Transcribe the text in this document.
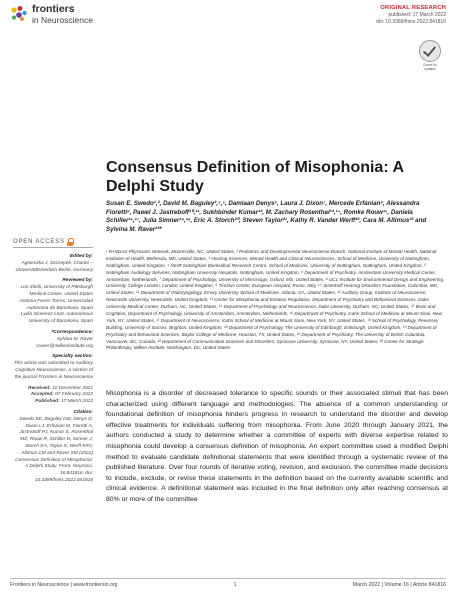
frontiers
in Neuroscience
ORIGINAL RESEARCH
published: 17 March 2022
doi: 10.3389/fnins.2022.841816
Check for updates
Consensus Definition of Misophonia: A Delphi Study
Susan E. Swedo¹,², David M. Baguley³,⁴,⁵, Damiaan Denys⁶, Laura J. Dixon⁷, Mercede Erfanian⁸, Alessandra Fioretti⁹, Pawel J. Jastreboff¹⁰,¹¹, Sukhbinder Kumar¹², M. Zachary Rosenthal¹³,¹⁴, Romke Rouw¹⁵, Daniela Schiller¹⁶,¹⁷, Julia Simner¹⁸,¹⁹, Eric A. Storch²⁰, Steven Taylor²¹, Kathy R. Vander Werff²², Cara M. Altimus²³ and Sylvina M. Raver²³*
¹ PANDAS Physicians Network, Mooresville, NC, United States, ² Pediatrics and Developmental Neuroscience Branch, National Institute of Mental Health, National Institutes of Health, Bethesda, MD, United States, ³ Hearing Sciences, Mental Health and Clinical Neurosciences, School of Medicine, University of Nottingham, Nottingham, United Kingdom, ⁴ NIHR Nottingham Biomedical Research Centre, School of Medicine, University of Nottingham, Nottingham, United Kingdom, ⁵ Nottingham Audiology Services, Nottingham University Hospitals, Nottingham, United Kingdom, ⁶ Department of Psychiatry, Amsterdam University Medical Center, Amsterdam, Netherlands, ⁷ Department of Psychology, University of Mississippi, Oxford, MS, United States, ⁸ UCL Institute for Environmental Design and Engineering, University College London, London, United Kingdom, ⁹ Tinnitus Center, European Hospital, Rome, Italy, ¹⁰ Jastreboff Hearing Disorders Foundation, Columbia, MD, United States, ¹¹ Department of Otolaryngology, Emory University School of Medicine, Atlanta, GA, United States, ¹² Auditory Group, Institute of Neuroscience, Newcastle University, Newcastle, United Kingdom, ¹³ Center for Misophonia and Emotion Regulation, Department of Psychiatry and Behavioral Sciences, Duke University Medical Center, Durham, NC, United States, ¹⁴ Department of Psychology and Neuroscience, Duke University, Durham, NC, United States, ¹⁵ Brain and Cognition, Department of Psychology, University of Amsterdam, Amsterdam, Netherlands, ¹⁶ Department of Psychiatry, Icahn School of Medicine at Mount Sinai, New York, NY, United States, ¹⁷ Department of Neuroscience, Icahn School of Medicine at Mount Sinai, New York, NY, United States, ¹⁸ School of Psychology, Pevensey Building, University of Sussex, Brighton, United Kingdom, ¹⁹ Department of Psychology, The University of Edinburgh, Edinburgh, United Kingdom, ²⁰ Department of Psychiatry and Behavioral Sciences, Baylor College of Medicine, Houston, TX, United States, ²¹ Department of Psychiatry, The University of British Columbia, Vancouver, BC, Canada, ²² Department of Communication Sciences and Disorders, Syracuse University, Syracuse, NY, United States, ²³ Center for Strategic Philanthropy, Milken Institute, Washington, DC, United States
OPEN ACCESS
Edited by:
Agnieszka J. Szczepek, Charité – Universitätsmedizin Berlin, Germany
Reviewed by:
Lori Zitelli, University of Pittsburgh Medical Center, United States
Antonia Ferrer Torres, Universidad Autónoma de Barcelona, Spain
Lydia Gimenez-Llort, Autonomous University of Barcelona, Spain
*Correspondence:
Sylvina M. Raver
sraver@milkeninstitute.org
Specialty section:
This article was submitted to Auditory Cognitive Neuroscience, a section of the journal Frontiers in Neuroscience
Received: 22 December 2021
Accepted: 07 February 2022
Published: 17 March 2022
Citation:
Swedo SE, Baguley DM, Denys D, Dixon LJ, Erfanian M, Fioretti A, Jastreboff PJ, Kumar S, Rosenthal MZ, Rouw R, Schiller D, Simner J, Storch EA, Taylor S, Werff KRV, Altimus CM and Raver SM (2022) Consensus Definition of Misophonia: A Delphi Study. Front. Neurosci. 16:841816. doi: 10.3389/fnins.2022.841816
Misophonia is a disorder of decreased tolerance to specific sounds or their associated stimuli that has been characterized using different language and methodologies. The absence of a common understanding or foundational definition of misophonia hinders progress in research to understand the disorder and develop effective treatments for individuals suffering from misophonia. From June 2020 through January 2021, the authors conducted a study to determine whether a committee of experts with diverse expertise related to misophonia could develop a consensus definition of misophonia. An expert committee used a modified Delphi method to evaluate candidate definitional statements that were identified through a systematic review of the published literature. Over four rounds of iterative voting, revision, and exclusion, the committee made decisions to include, exclude, or revise these statements in the definition based on the currently available scientific and clinical evidence. A definitional statement was included in the final definition only after reaching consensus at 80% or more of the committee
Frontiers in Neuroscience | www.frontiersin.org	1	March 2022 | Volume 16 | Article 841816
